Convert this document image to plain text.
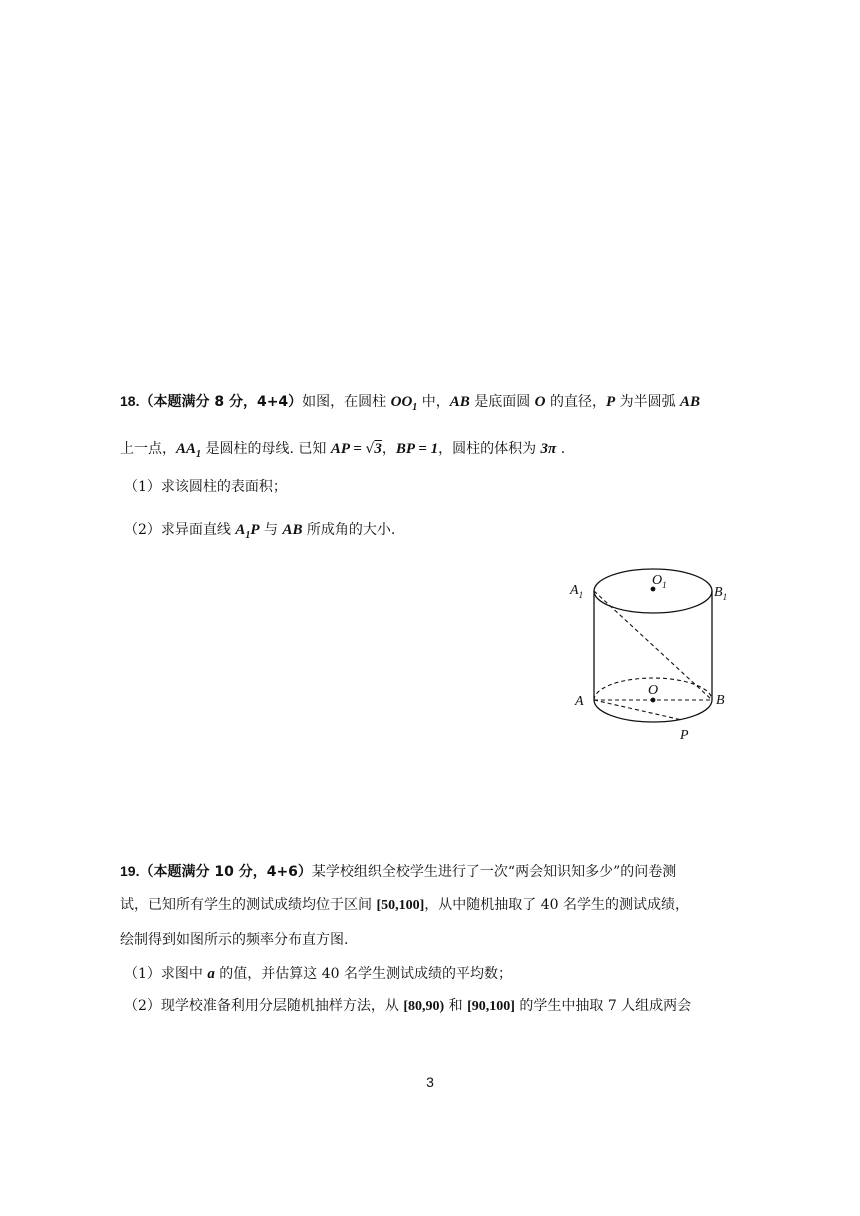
18.（本题满分 8 分，4+4）如图，在圆柱 $OO_1$ 中，AB 是底面圆 O 的直径，P 为半圆弧 AB
上一点，$AA_1$ 是圆柱的母线. 已知 AP = √3，BP = 1，圆柱的体积为 3π .
（1）求该圆柱的表面积；
（2）求异面直线 $A_1P$ 与 AB 所成角的大小.
$A_1$	$B_1$
$O_1$
A	B
O
P
19.（本题满分 10 分，4+6）某学校组织全校学生进行了一次“两会知识知多少”的问卷测
试，已知所有学生的测试成绩均位于区间 [50,100]，从中随机抽取了 40 名学生的测试成绩，
绘制得到如图所示的频率分布直方图.
（1）求图中 a 的值，并估算这 40 名学生测试成绩的平均数；
（2）现学校准备利用分层随机抽样方法，从 [80,90) 和 [90,100] 的学生中抽取 7 人组成两会
3
